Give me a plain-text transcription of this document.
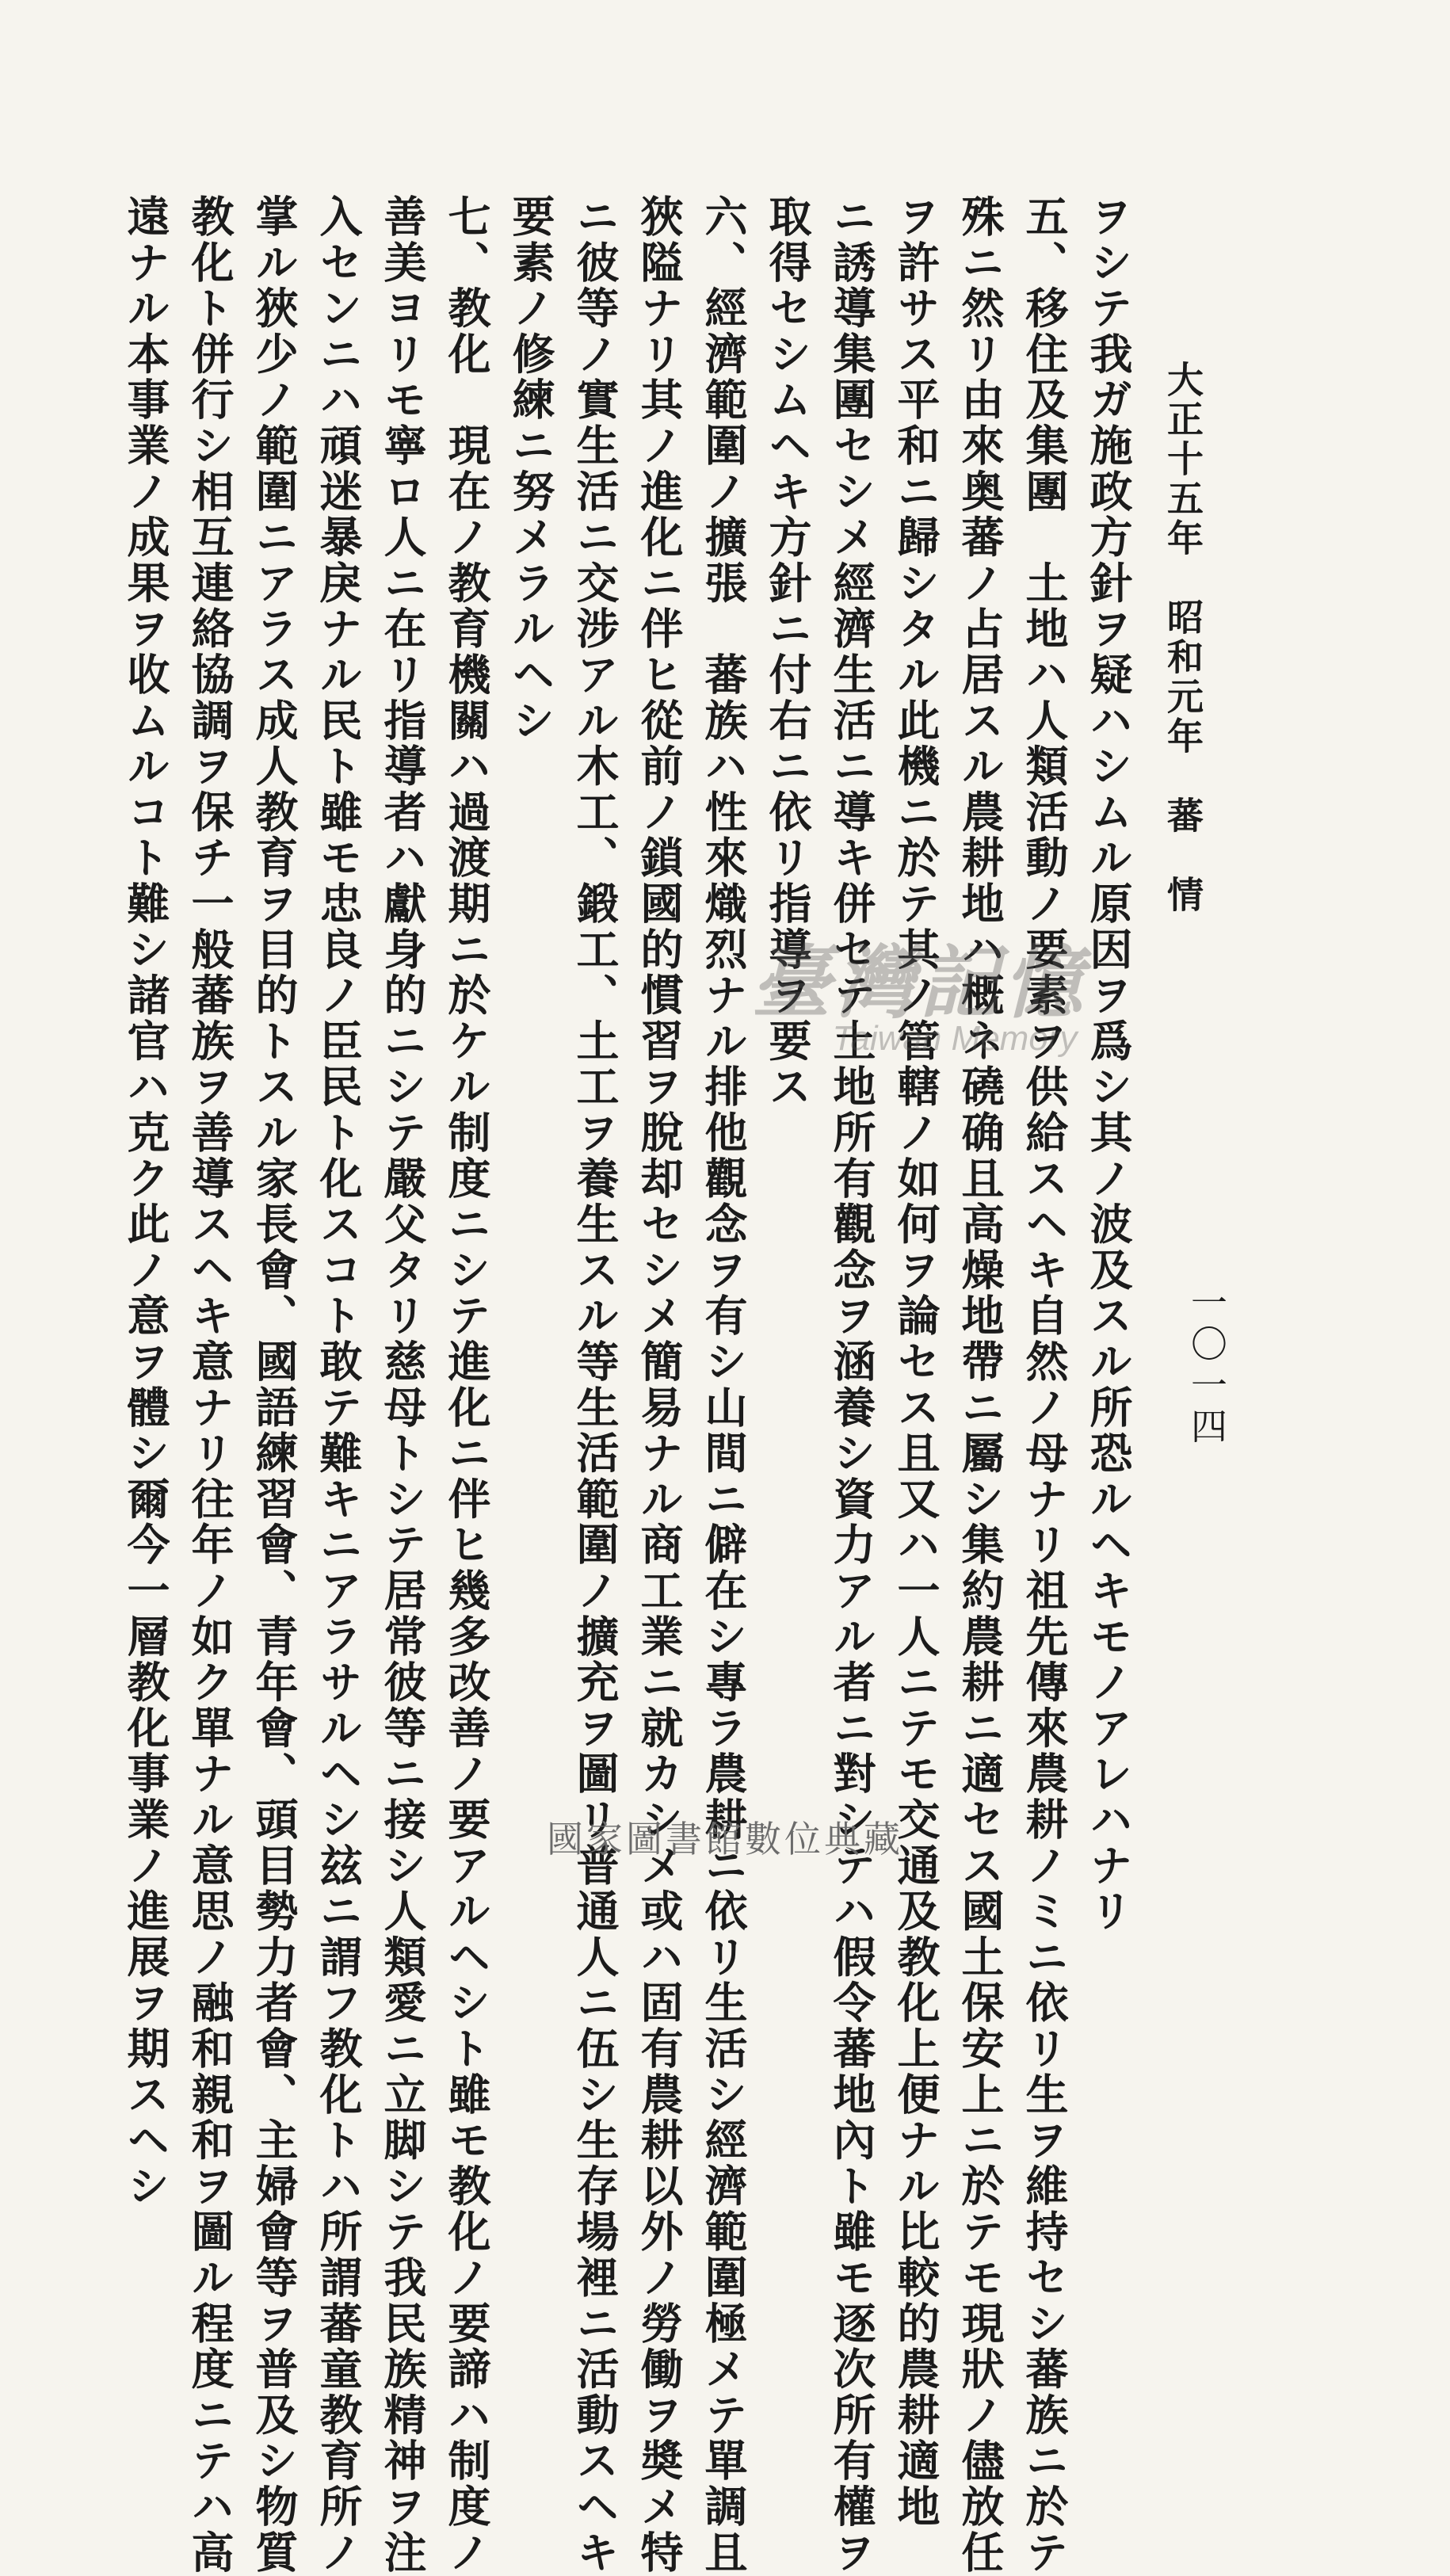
大正十五年　昭和元年　蕃　情
一〇一四
ヲシテ我ガ施政方針ヲ疑ハシムル原因ヲ爲シ其ノ波及スル所恐ルヘキモノアレハナリ
五、移住及集團　土地ハ人類活動ノ要素ヲ供給スヘキ自然ノ母ナリ祖先傳來農耕ノミニ依リ生ヲ維持セシ蕃族ニ於テ
殊ニ然リ由來奥蕃ノ占居スル農耕地ハ概ネ磽确且高燥地帶ニ屬シ集約農耕ニ適セス國土保安上ニ於テモ現狀ノ儘放任
ヲ許サス平和ニ歸シタル此機ニ於テ其ノ管轄ノ如何ヲ論セス且又ハ一人ニテモ交通及教化上便ナル比較的農耕適地
ニ誘導集團セシメ經濟生活ニ導キ併セテ土地所有觀念ヲ涵養シ資力アル者ニ對シテハ假令蕃地內ト雖モ逐次所有權ヲ
取得セシムヘキ方針ニ付右ニ依リ指導ヲ要ス
六、經濟範圍ノ擴張　蕃族ハ性來熾烈ナル排他觀念ヲ有シ山間ニ僻在シ專ラ農耕ニ依リ生活シ經濟範圍極メテ單調且
狹隘ナリ其ノ進化ニ伴ヒ從前ノ鎖國的慣習ヲ脫却セシメ簡易ナル商工業ニ就カシメ或ハ固有農耕以外ノ勞働ヲ奬メ特
ニ彼等ノ實生活ニ交涉アル木工、鍛工、土工ヲ養生スル等生活範圍ノ擴充ヲ圖リ普通人ニ伍シ生存場裡ニ活動スヘキ
要素ノ修練ニ努メラルヘシ
七、教化　現在ノ教育機關ハ過渡期ニ於ケル制度ニシテ進化ニ伴ヒ幾多改善ノ要アルヘシト雖モ教化ノ要諦ハ制度ノ
善美ヨリモ寧ロ人ニ在リ指導者ハ獻身的ニシテ嚴父タリ慈母トシテ居常彼等ニ接シ人類愛ニ立脚シテ我民族精神ヲ注
入センニハ頑迷暴戾ナル民ト雖モ忠良ノ臣民ト化スコト敢テ難キニアラサルヘシ玆ニ謂フ教化トハ所謂蕃童教育所ノ
掌ル狹少ノ範圍ニアラス成人教育ヲ目的トスル家長會、國語練習會、青年會、頭目勢力者會、主婦會等ヲ普及シ物質
教化ト併行シ相互連絡協調ヲ保チ一般蕃族ヲ善導スヘキ意ナリ往年ノ如ク單ナル意思ノ融和親和ヲ圖ル程度ニテハ高
遠ナル本事業ノ成果ヲ收ムルコト難シ諸官ハ克ク此ノ意ヲ體シ爾今一層教化事業ノ進展ヲ期スヘシ	臺灣記憶
Taiwan Memory
國家圖書館數位典藏
